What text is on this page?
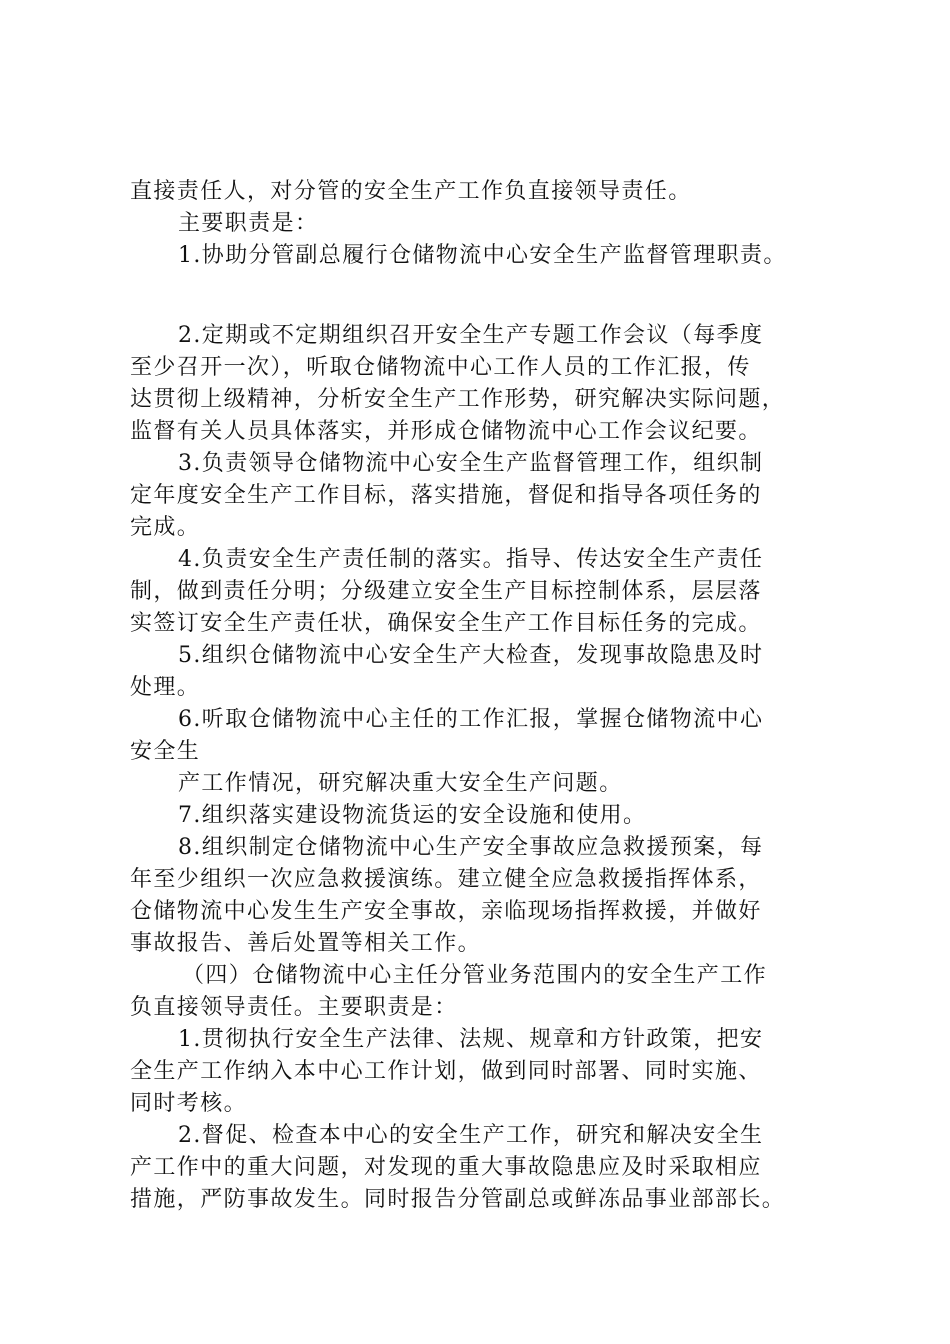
直接责任人，对分管的安全生产工作负直接领导责任。
主要职责是：
1.协助分管副总履行仓储物流中心安全生产监督管理职责。
2.定期或不定期组织召开安全生产专题工作会议（每季度
至少召开一次），听取仓储物流中心工作人员的工作汇报，传
达贯彻上级精神，分析安全生产工作形势，研究解决实际问题，
监督有关人员具体落实，并形成仓储物流中心工作会议纪要。
3.负责领导仓储物流中心安全生产监督管理工作，组织制
定年度安全生产工作目标，落实措施，督促和指导各项任务的
完成。
4.负责安全生产责任制的落实。指导、传达安全生产责任
制，做到责任分明；分级建立安全生产目标控制体系，层层落
实签订安全生产责任状，确保安全生产工作目标任务的完成。
5.组织仓储物流中心安全生产大检查，发现事故隐患及时
处理。
6.听取仓储物流中心主任的工作汇报，掌握仓储物流中心
安全生
产工作情况，研究解决重大安全生产问题。
7.组织落实建设物流货运的安全设施和使用。
8.组织制定仓储物流中心生产安全事故应急救援预案，每
年至少组织一次应急救援演练。建立健全应急救援指挥体系，
仓储物流中心发生生产安全事故，亲临现场指挥救援，并做好
事故报告、善后处置等相关工作。
（四）仓储物流中心主任分管业务范围内的安全生产工作
负直接领导责任。主要职责是：
1.贯彻执行安全生产法律、法规、规章和方针政策，把安
全生产工作纳入本中心工作计划，做到同时部署、同时实施、
同时考核。
2.督促、检查本中心的安全生产工作，研究和解决安全生
产工作中的重大问题，对发现的重大事故隐患应及时采取相应
措施，严防事故发生。同时报告分管副总或鲜冻品事业部部长。
